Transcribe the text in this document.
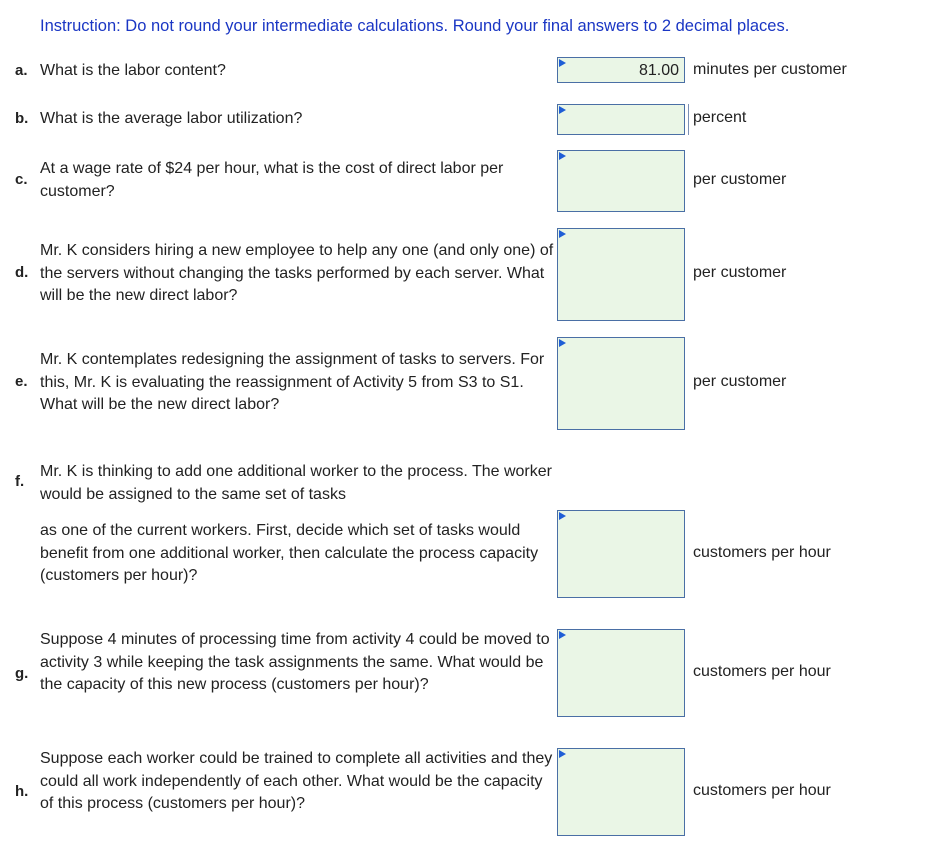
Instruction: Do not round your intermediate calculations. Round your final answers to 2 decimal places.
a. What is the labor content?	81.00 minutes per customer
b. What is the average labor utilization?	percent
c.
At a wage rate of $24 per hour, what is the cost of direct labor per customer?
per customer
d.
Mr. K considers hiring a new employee to help any one (and only one) of the servers without changing the tasks performed by each server. What will be the new direct labor?
per customer
e.
Mr. K contemplates redesigning the assignment of tasks to servers. For this, Mr. K is evaluating the reassignment of Activity 5 from S3 to S1. What will be the new direct labor?
per customer
f.
Mr. K is thinking to add one additional worker to the process. The worker would be assigned to the same set of tasks
as one of the current workers. First, decide which set of tasks would benefit from one additional worker, then calculate the process capacity (customers per hour)?
customers per hour
g.
Suppose 4 minutes of processing time from activity 4 could be moved to activity 3 while keeping the task assignments the same. What would be the capacity of this new process (customers per hour)?
customers per hour
h.
Suppose each worker could be trained to complete all activities and they could all work independently of each other. What would be the capacity of this process (customers per hour)?
customers per hour
